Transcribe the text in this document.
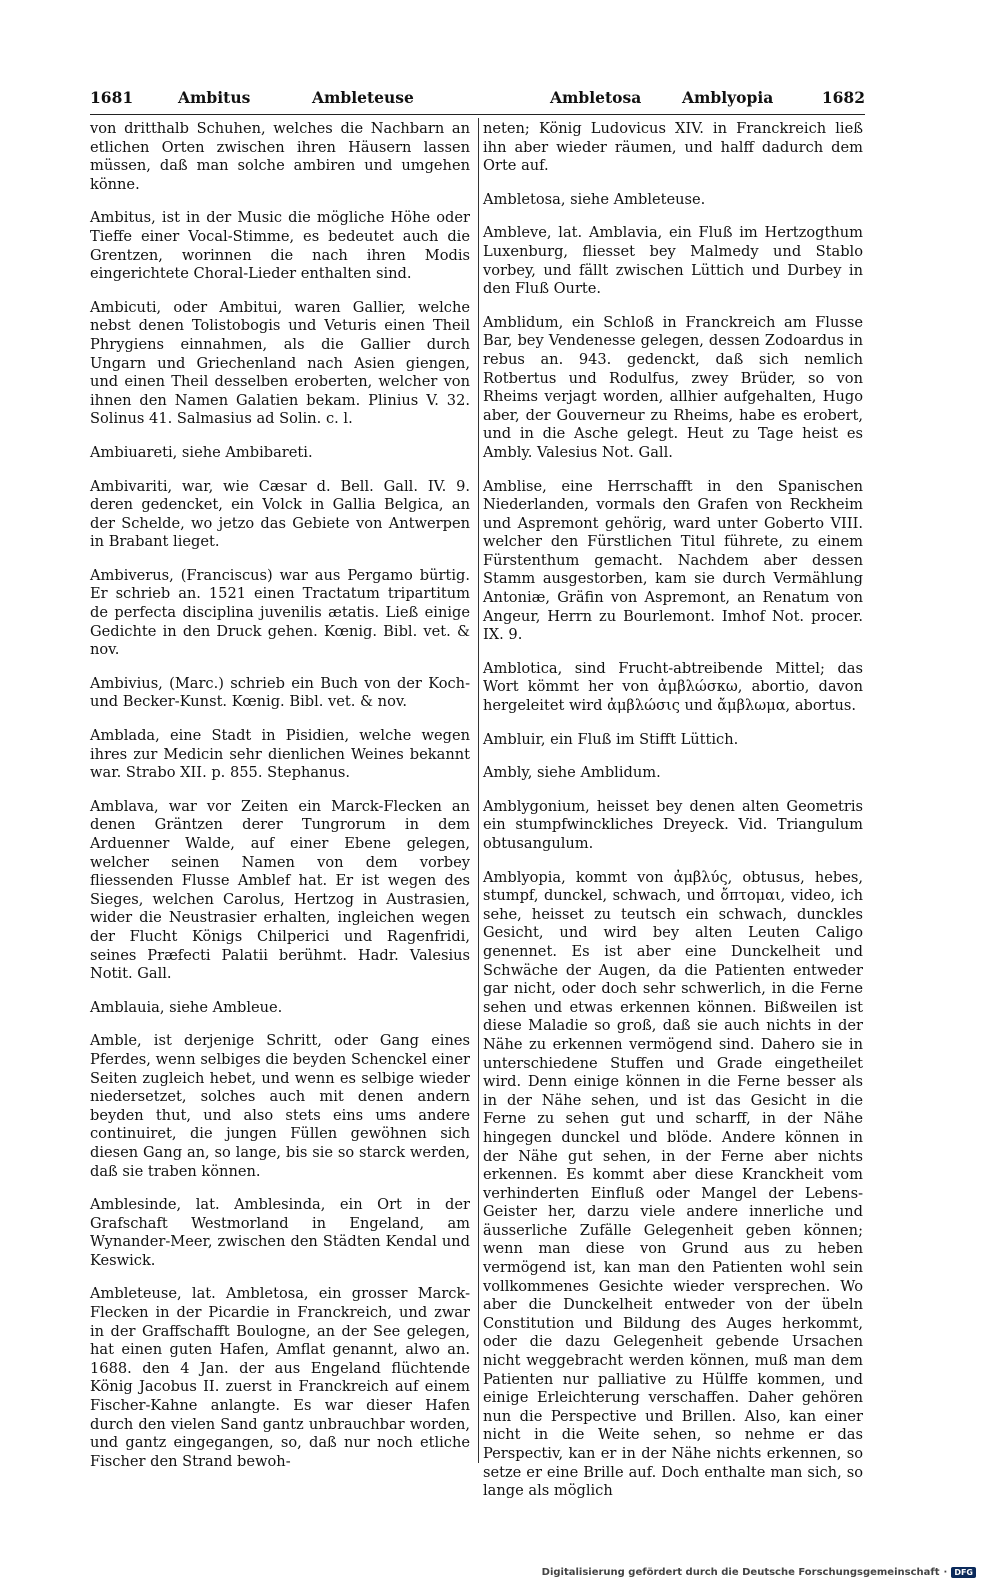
1681	Ambitus	Ambleteuse	Ambletosa	Amblyopia	1682

von dritthalb Schuhen, welches die Nachbarn an etlichen Orten zwischen ihren Häusern lassen müssen, daß man solche ambiren und umgehen könne.

Ambitus, ist in der Music die mögliche Höhe oder Tieffe einer Vocal-Stimme, es bedeutet auch die Grentzen, worinnen die nach ihren Modis eingerichtete Choral-Lieder enthalten sind.

Ambicuti, oder Ambitui, waren Gallier, welche nebst denen Tolistobogis und Veturis einen Theil Phrygiens einnahmen, als die Gallier durch Ungarn und Griechenland nach Asien giengen, und einen Theil desselben eroberten, welcher von ihnen den Namen Galatien bekam. Plinius V. 32. Solinus 41. Salmasius ad Solin. c. l.

Ambiuareti, siehe Ambibareti.

Ambivariti, war, wie Cæsar d. Bell. Gall. IV. 9. deren gedencket, ein Volck in Gallia Belgica, an der Schelde, wo jetzo das Gebiete von Antwerpen in Brabant lieget.

Ambiverus, (Franciscus) war aus Pergamo bürtig. Er schrieb an. 1521 einen Tractatum tripartitum de perfecta disciplina juvenilis ætatis. Ließ einige Gedichte in den Druck gehen. Kœnig. Bibl. vet. & nov.

Ambivius, (Marc.) schrieb ein Buch von der Koch-und Becker-Kunst. Kœnig. Bibl. vet. & nov.

Amblada, eine Stadt in Pisidien, welche wegen ihres zur Medicin sehr dienlichen Weines bekannt war. Strabo XII. p. 855. Stephanus.

Amblava, war vor Zeiten ein Marck-Flecken an denen Gräntzen derer Tungrorum in dem Arduenner Walde, auf einer Ebene gelegen, welcher seinen Namen von dem vorbey fliessenden Flusse Amblef hat. Er ist wegen des Sieges, welchen Carolus, Hertzog in Austrasien, wider die Neustrasier erhalten, ingleichen wegen der Flucht Königs Chilperici und Ragenfridi, seines Præfecti Palatii berühmt. Hadr. Valesius Notit. Gall.

Amblauia, siehe Ambleue.

Amble, ist derjenige Schritt, oder Gang eines Pferdes, wenn selbiges die beyden Schenckel einer Seiten zugleich hebet, und wenn es selbige wieder niedersetzet, solches auch mit denen andern beyden thut, und also stets eins ums andere continuiret, die jungen Füllen gewöhnen sich diesen Gang an, so lange, bis sie so starck werden, daß sie traben können.

Amblesinde, lat. Amblesinda, ein Ort in der Grafschaft Westmorland in Engeland, am Wynander-Meer, zwischen den Städten Kendal und Keswick.

Ambleteuse, lat. Ambletosa, ein grosser Marck-Flecken in der Picardie in Franckreich, und zwar in der Graffschafft Boulogne, an der See gelegen, hat einen guten Hafen, Amflat genannt, alwo an. 1688. den 4 Jan. der aus Engeland flüchtende König Jacobus II. zuerst in Franckreich auf einem Fischer-Kahne anlangte. Es war dieser Hafen durch den vielen Sand gantz unbrauchbar worden, und gantz eingegangen, so, daß nur noch etliche Fischer den Strand bewoh-

neten; König Ludovicus XIV. in Franckreich ließ ihn aber wieder räumen, und halff dadurch dem Orte auf.

Ambletosa, siehe Ambleteuse.

Ambleve, lat. Amblavia, ein Fluß im Hertzogthum Luxenburg, fliesset bey Malmedy und Stablo vorbey, und fällt zwischen Lüttich und Durbey in den Fluß Ourte.

Amblidum, ein Schloß in Franckreich am Flusse Bar, bey Vendenesse gelegen, dessen Zodoardus in rebus an. 943. gedenckt, daß sich nemlich Rotbertus und Rodulfus, zwey Brüder, so von Rheims verjagt worden, allhier aufgehalten, Hugo aber, der Gouverneur zu Rheims, habe es erobert, und in die Asche gelegt. Heut zu Tage heist es Ambly. Valesius Not. Gall.

Amblise, eine Herrschafft in den Spanischen Niederlanden, vormals den Grafen von Reckheim und Aspremont gehörig, ward unter Goberto VIII. welcher den Fürstlichen Titul führete, zu einem Fürstenthum gemacht. Nachdem aber dessen Stamm ausgestorben, kam sie durch Vermählung Antoniæ, Gräfin von Aspremont, an Renatum von Angeur, Herrn zu Bourlemont. Imhof Not. procer. IX. 9.

Amblotica, sind Frucht-abtreibende Mittel; das Wort kömmt her von ἀμβλώσκω, abortio, davon hergeleitet wird ἀμβλώσις und ἄμβλωμα, abortus.

Ambluir, ein Fluß im Stifft Lüttich.

Ambly, siehe Amblidum.

Amblygonium, heisset bey denen alten Geometris ein stumpfwinckliches Dreyeck. Vid. Triangulum obtusangulum.

Amblyopia, kommt von ἀμβλύς, obtusus, hebes, stumpf, dunckel, schwach, und ὄπτομαι, video, ich sehe, heisset zu teutsch ein schwach, dunckles Gesicht, und wird bey alten Leuten Caligo genennet. Es ist aber eine Dunckelheit und Schwäche der Augen, da die Patienten entweder gar nicht, oder doch sehr schwerlich, in die Ferne sehen und etwas erkennen können. Bißweilen ist diese Maladie so groß, daß sie auch nichts in der Nähe zu erkennen vermögend sind. Dahero sie in unterschiedene Stuffen und Grade eingetheilet wird. Denn einige können in die Ferne besser als in der Nähe sehen, und ist das Gesicht in die Ferne zu sehen gut und scharff, in der Nähe hingegen dunckel und blöde. Andere können in der Nähe gut sehen, in der Ferne aber nichts erkennen. Es kommt aber diese Kranckheit vom verhinderten Einfluß oder Mangel der Lebens-Geister her, darzu viele andere innerliche und äusserliche Zufälle Gelegenheit geben können; wenn man diese von Grund aus zu heben vermögend ist, kan man den Patienten wohl sein vollkommenes Gesichte wieder versprechen. Wo aber die Dunckelheit entweder von der übeln Constitution und Bildung des Auges herkommt, oder die dazu Gelegenheit gebende Ursachen nicht weggebracht werden können, muß man dem Patienten nur palliative zu Hülffe kommen, und einige Erleichterung verschaffen. Daher gehören nun die Perspective und Brillen. Also, kan einer nicht in die Weite sehen, so nehme er das Perspectiv, kan er in der Nähe nichts erkennen, so setze er eine Brille auf. Doch enthalte man sich, so lange als möglich

Digitalisierung gefördert durch die Deutsche Forschungsgemeinschaft · DFG
